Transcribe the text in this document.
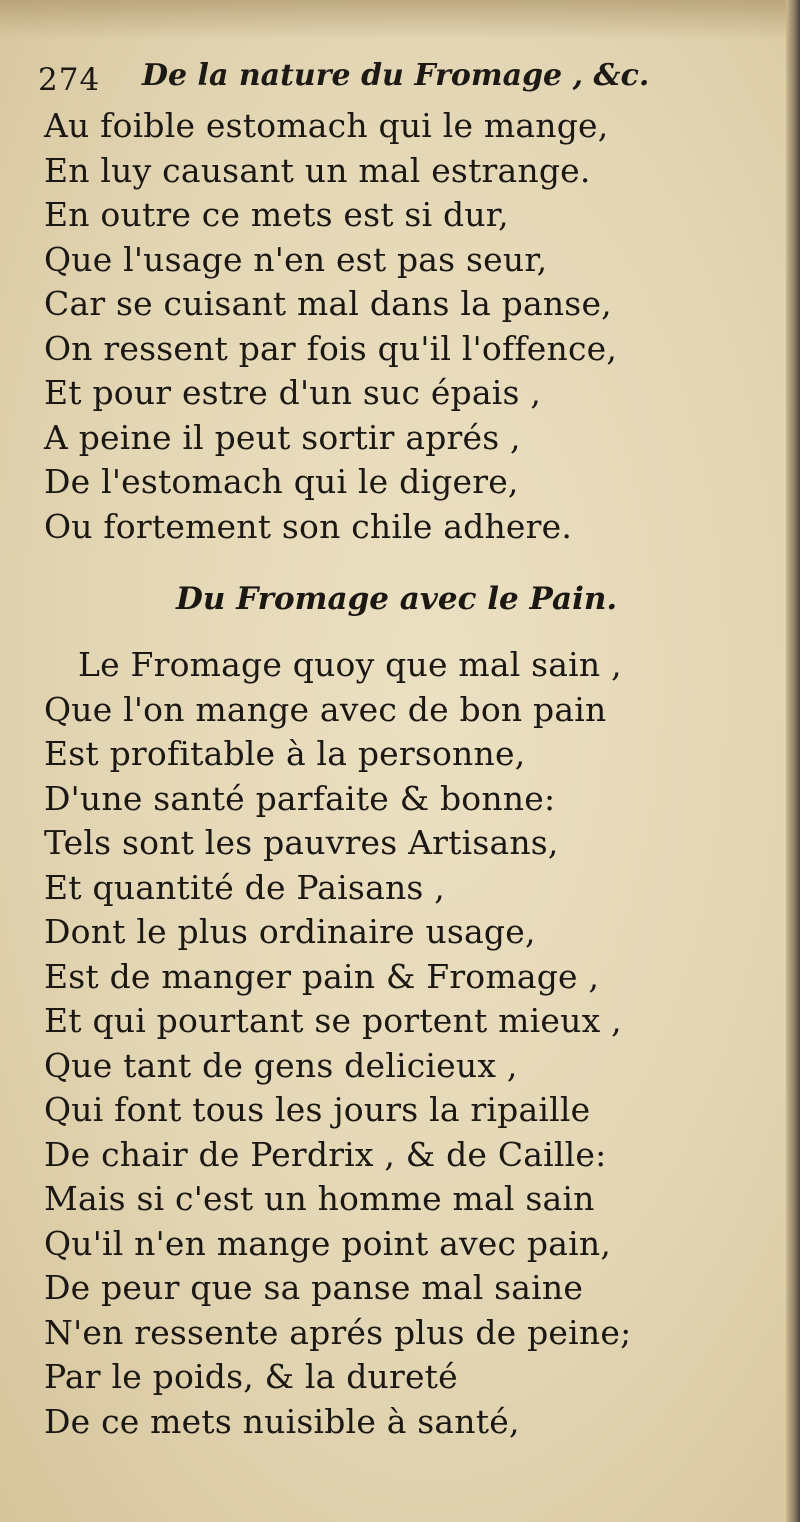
274 De la nature du Fromage , &c.
Au foible estomach qui le mange,
En luy causant un mal estrange.
En outre ce mets est si dur,
Que l'usage n'en est pas seur,
Car se cuisant mal dans la panse,
On ressent par fois qu'il l'offence,
Et pour estre d'un suc épais ,
A peine il peut sortir aprés ,
De l'estomach qui le digere,
Ou fortement son chile adhere.
Du Fromage avec le Pain.
Le Fromage quoy que mal sain ,
Que l'on mange avec de bon pain
Est profitable à la personne,
D'une santé parfaite & bonne:
Tels sont les pauvres Artisans,
Et quantité de Paisans ,
Dont le plus ordinaire usage,
Est de manger pain & Fromage ,
Et qui pourtant se portent mieux ,
Que tant de gens delicieux ,
Qui font tous les jours la ripaille
De chair de Perdrix , & de Caille:
Mais si c'est un homme mal sain
Qu'il n'en mange point avec pain,
De peur que sa panse mal saine
N'en ressente aprés plus de peine;
Par le poids, & la dureté
De ce mets nuisible à santé,
